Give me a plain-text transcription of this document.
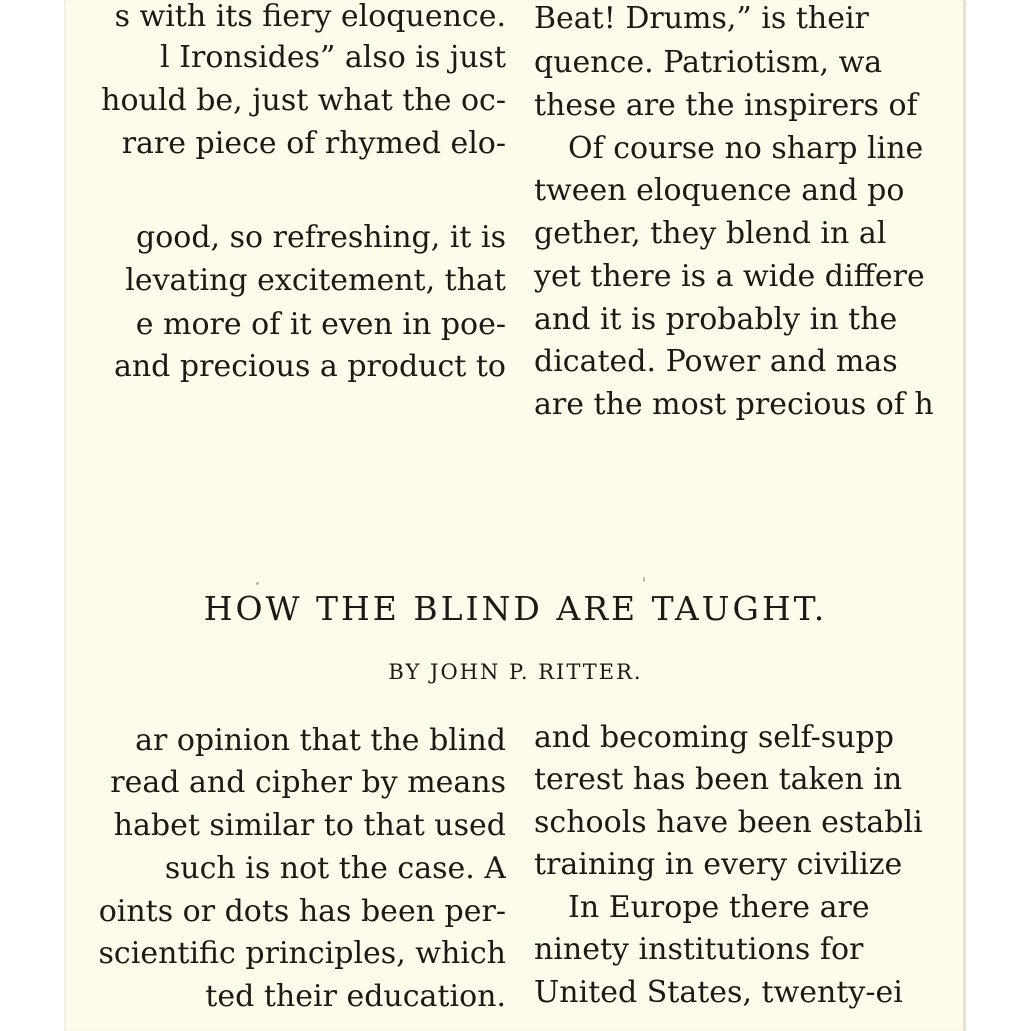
s with its fiery eloquence.
l Ironsides” also is just
hould be, just what the oc-
rare piece of rhymed elo-
good, so refreshing, it is
levating excitement, that
e more of it even in poe-
and precious a product to
Beat! Drums,” is their
quence. Patriotism, wa
these are the inspirers of
Of course no sharp line
tween eloquence and po
gether, they blend in al
yet there is a wide differe
and it is probably in the
dicated. Power and mas
are the most precious of h
HOW THE BLIND ARE TAUGHT.
BY JOHN P. RITTER.
ar opinion that the blind
read and cipher by means
habet similar to that used
such is not the case. A
oints or dots has been per-
scientific principles, which
ted their education.
and becoming self-supp
terest has been taken in
schools have been establi
training in every civilize
In Europe there are
ninety institutions for
United States, twenty-ei
